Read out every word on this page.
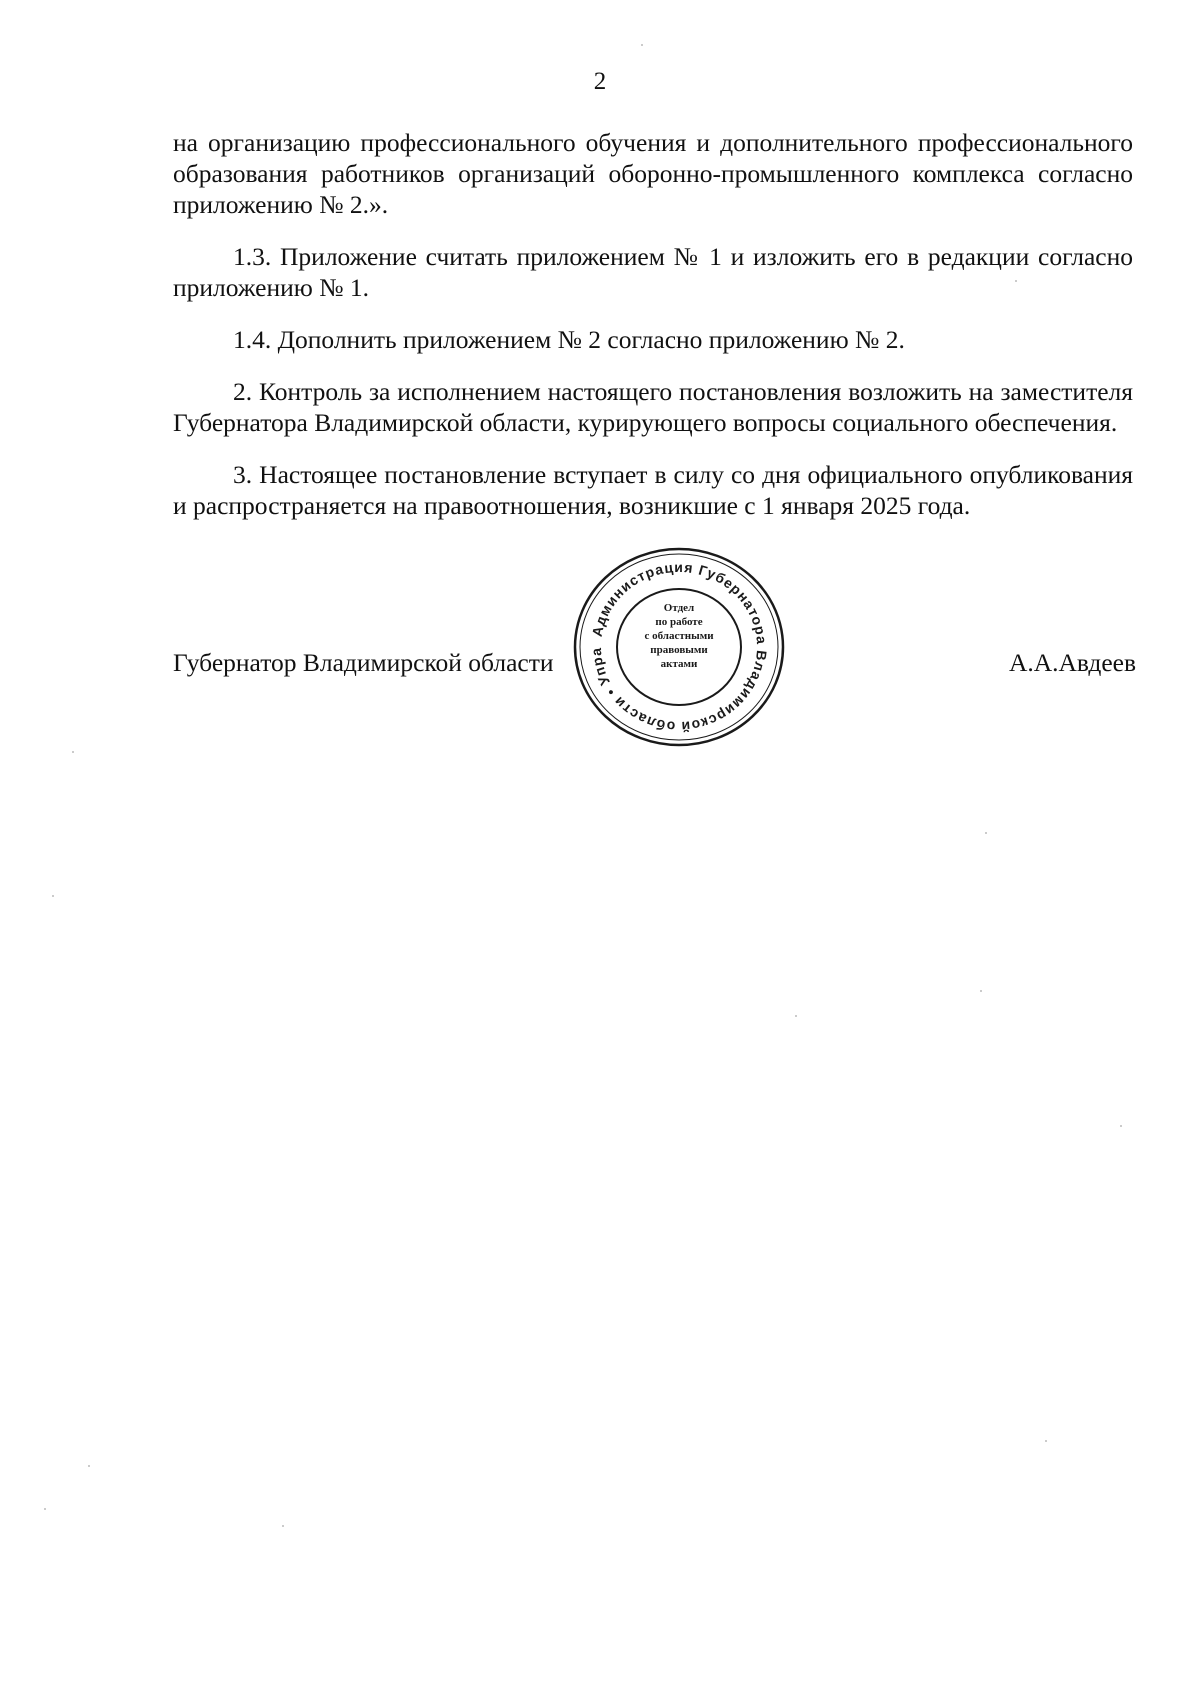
2

на организацию профессионального обучения и дополнительного профессионального образования работников организаций оборонно-промышленного комплекса согласно приложению № 2.».

1.3. Приложение считать приложением № 1 и изложить его в редакции согласно приложению № 1.

1.4. Дополнить приложением № 2 согласно приложению № 2.

2. Контроль за исполнением настоящего постановления возложить на заместителя Губернатора Владимирской области, курирующего вопросы социального обеспечения.

3. Настоящее постановление вступает в силу со дня официального опубликования и распространяется на правоотношения, возникшие с 1 января 2025 года.

Губернатор Владимирской области	А.А.Авдеев
Администрация Губернатора Владимирской области • Упра
Отдел
по работе
с областными
правовыми
актами
